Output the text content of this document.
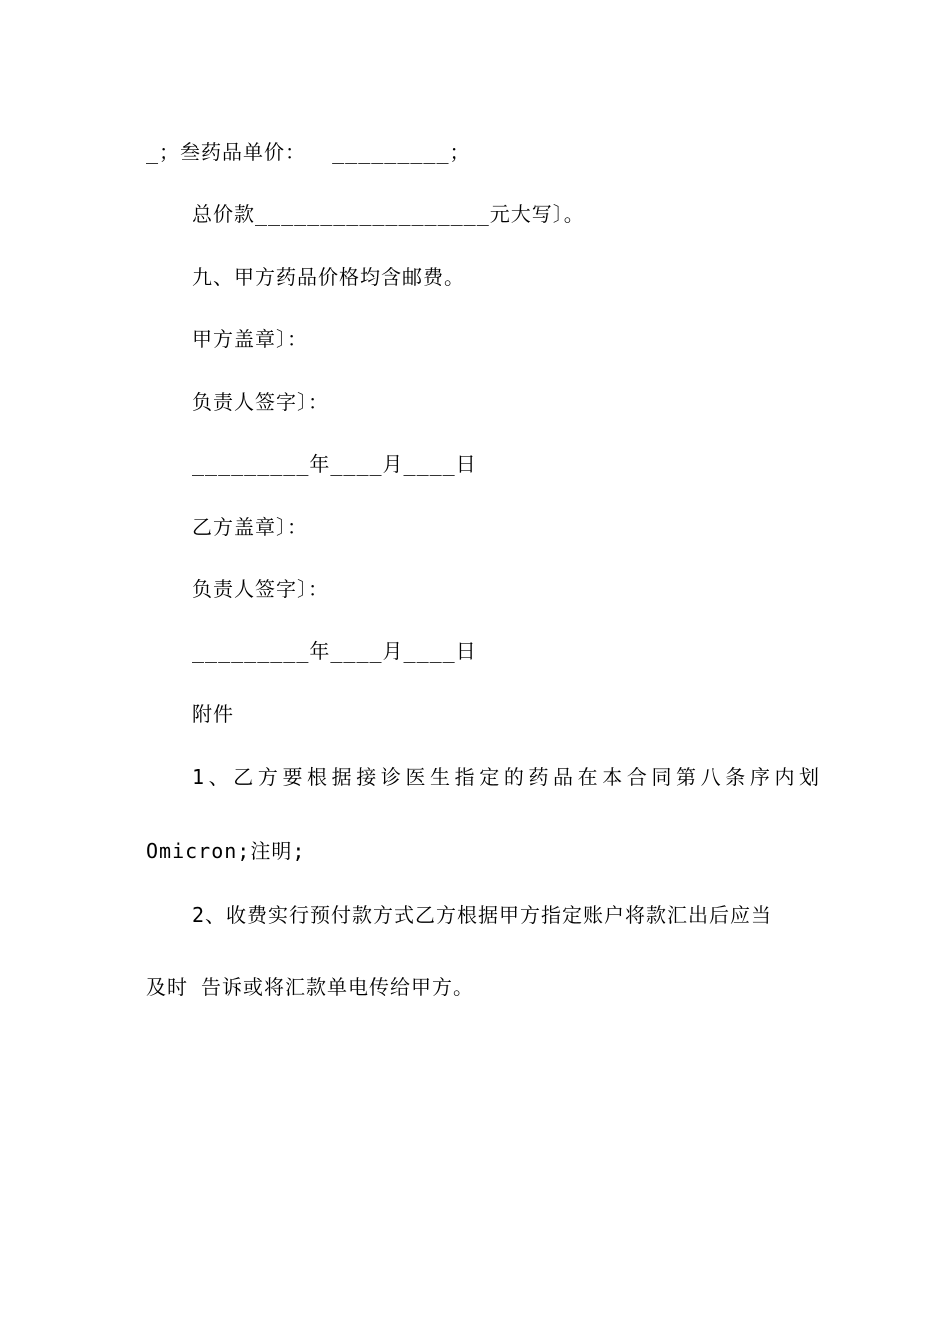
_；叁药品单价：  _________；
总价款__________________元大写〕。
九、甲方药品价格均含邮费。
甲方盖章〕：
负责人签字〕：
_________年____月____日
乙方盖章〕：
负责人签字〕：
_________年____月____日
附件
1、乙方要根据接诊医生指定的药品在本合同第八条序内划
Omicron;注明;
2、收费实行预付款方式乙方根据甲方指定账户将款汇出后应当
及时 告诉或将汇款单电传给甲方。
